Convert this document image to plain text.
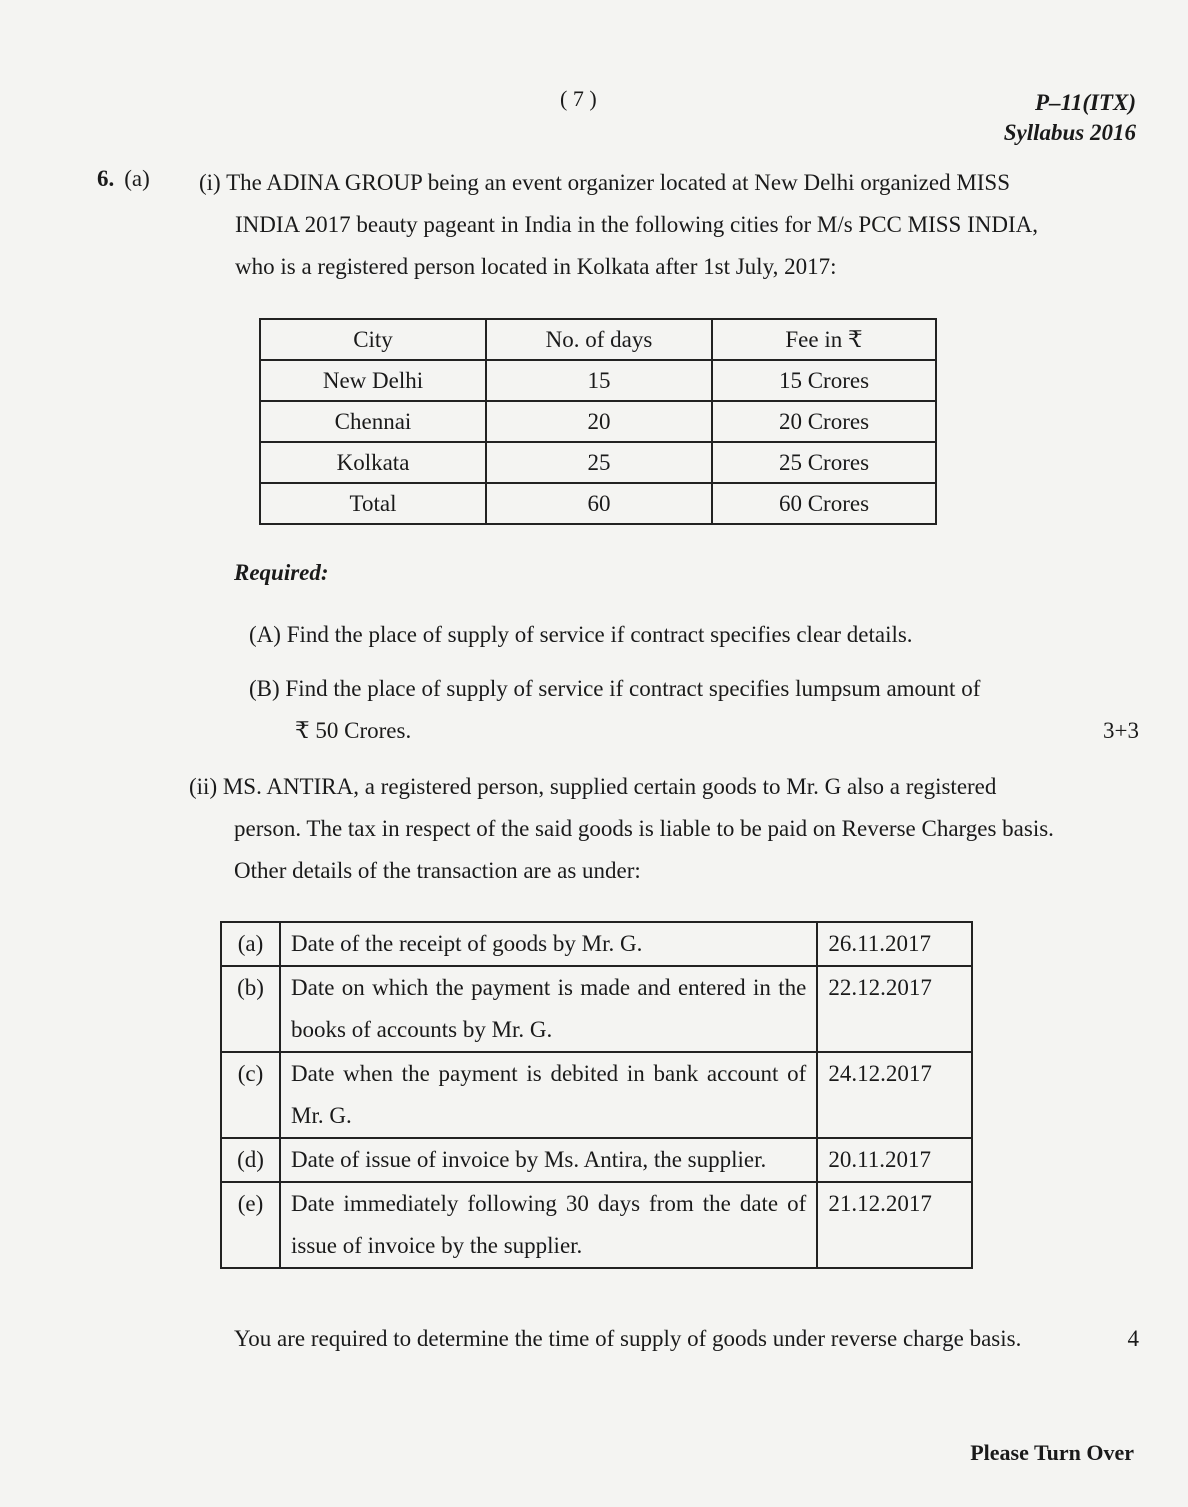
( 7 )	P–11(ITX)
Syllabus 2016
6. (a) (i) The ADINA GROUP being an event organizer located at New Delhi organized MISS
INDIA 2017 beauty pageant in India in the following cities for M/s PCC MISS INDIA,
who is a registered person located in Kolkata after 1st July, 2017:
City	No. of days	Fee in ₹
New Delhi	15	15 Crores
Chennai	20	20 Crores
Kolkata	25	25 Crores
Total	60	60 Crores
Required:
(A) Find the place of supply of service if contract specifies clear details.
(B) Find the place of supply of service if contract specifies lumpsum amount of
₹ 50 Crores.	3+3
(ii) MS. ANTIRA, a registered person, supplied certain goods to Mr. G also a registered
person. The tax in respect of the said goods is liable to be paid on Reverse Charges basis.
Other details of the transaction are as under:
(a)	Date of the receipt of goods by Mr. G.	26.11.2017
(b)	Date on which the payment is made and entered in the books of accounts by Mr. G.	22.12.2017
(c)	Date when the payment is debited in bank account of Mr. G.	24.12.2017
(d)	Date of issue of invoice by Ms. Antira, the supplier.	20.11.2017
(e)	Date immediately following 30 days from the date of issue of invoice by the supplier.	21.12.2017
You are required to determine the time of supply of goods under reverse charge basis.	4
Please Turn Over
